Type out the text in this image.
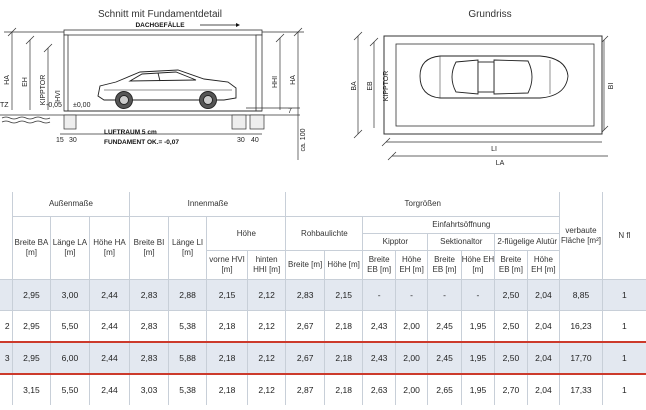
Schnitt mit Fundamentdetail
HA EH KIPPTOR HVI
HHI HA
DACHGEFÄLLE
TZ	-0,05 ±0,00
7
ca. 100
15 30	30 40
LUFTRAUM 5 cm
FUNDAMENT OK.= -0,07
Grundriss
BA EB KIPPTOR	BI
LI
LA
	Außenmaße			Innenmaße				Torgrößen								verbaute Fläche [m²]	N fl
	Breite BA [m]	Länge LA [m]	Höhe HA [m]	Breite BI [m]	Länge LI [m]	Höhe		Rohbaulichte		Einfahrtsöffnung							
										Kipptor		Sektionaltor		2-flügelige Alutür			
						vorne HVI [m]	hinten HHI [m]	Breite [m]	Höhe [m]	Breite EB [m]	Höhe EH [m]	Breite EB [m]	Höhe EH [m]	Breite EB [m]	Höhe EH [m]		
	2,95	3,00	2,44	2,83	2,88	2,15	2,12	2,83	2,15	-	-	-	-	2,50	2,04	8,85	1
2	2,95	5,50	2,44	2,83	5,38	2,18	2,12	2,67	2,18	2,43	2,00	2,45	1,95	2,50	2,04	16,23	1
3	2,95	6,00	2,44	2,83	5,88	2,18	2,12	2,67	2,18	2,43	2,00	2,45	1,95	2,50	2,04	17,70	1
	3,15	5,50	2,44	3,03	5,38	2,18	2,12	2,87	2,18	2,63	2,00	2,65	1,95	2,70	2,04	17,33	1
